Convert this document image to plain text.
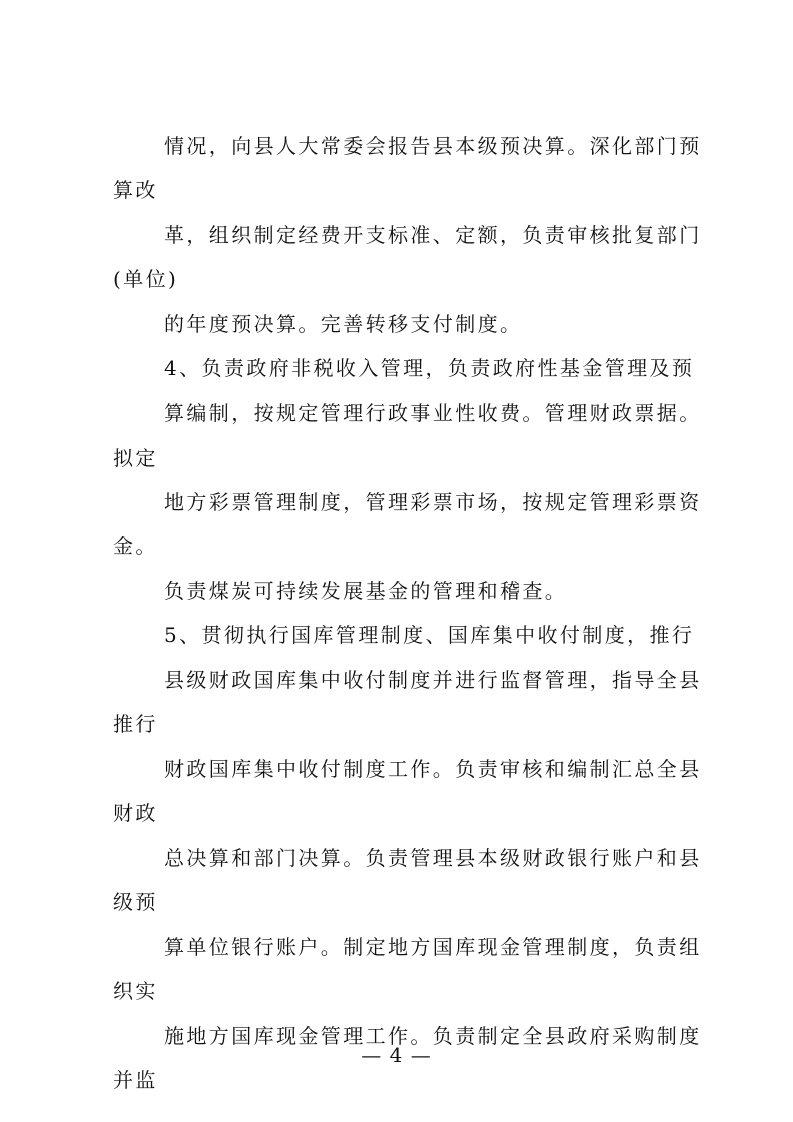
情况，向县人大常委会报告县本级预决算。深化部门预
算改
革，组织制定经费开支标准、定额，负责审核批复部门
(单位)
的年度预决算。完善转移支付制度。
4、负责政府非税收入管理，负责政府性基金管理及预
算编制，按规定管理行政事业性收费。管理财政票据。
拟定
地方彩票管理制度，管理彩票市场，按规定管理彩票资
金。
负责煤炭可持续发展基金的管理和稽查。
5、贯彻执行国库管理制度、国库集中收付制度，推行
县级财政国库集中收付制度并进行监督管理，指导全县
推行
财政国库集中收付制度工作。负责审核和编制汇总全县
财政
总决算和部门决算。负责管理县本级财政银行账户和县
级预
算单位银行账户。制定地方国库现金管理制度，负责组
织实
施地方国库现金管理工作。负责制定全县政府采购制度
并监
— 4 —
